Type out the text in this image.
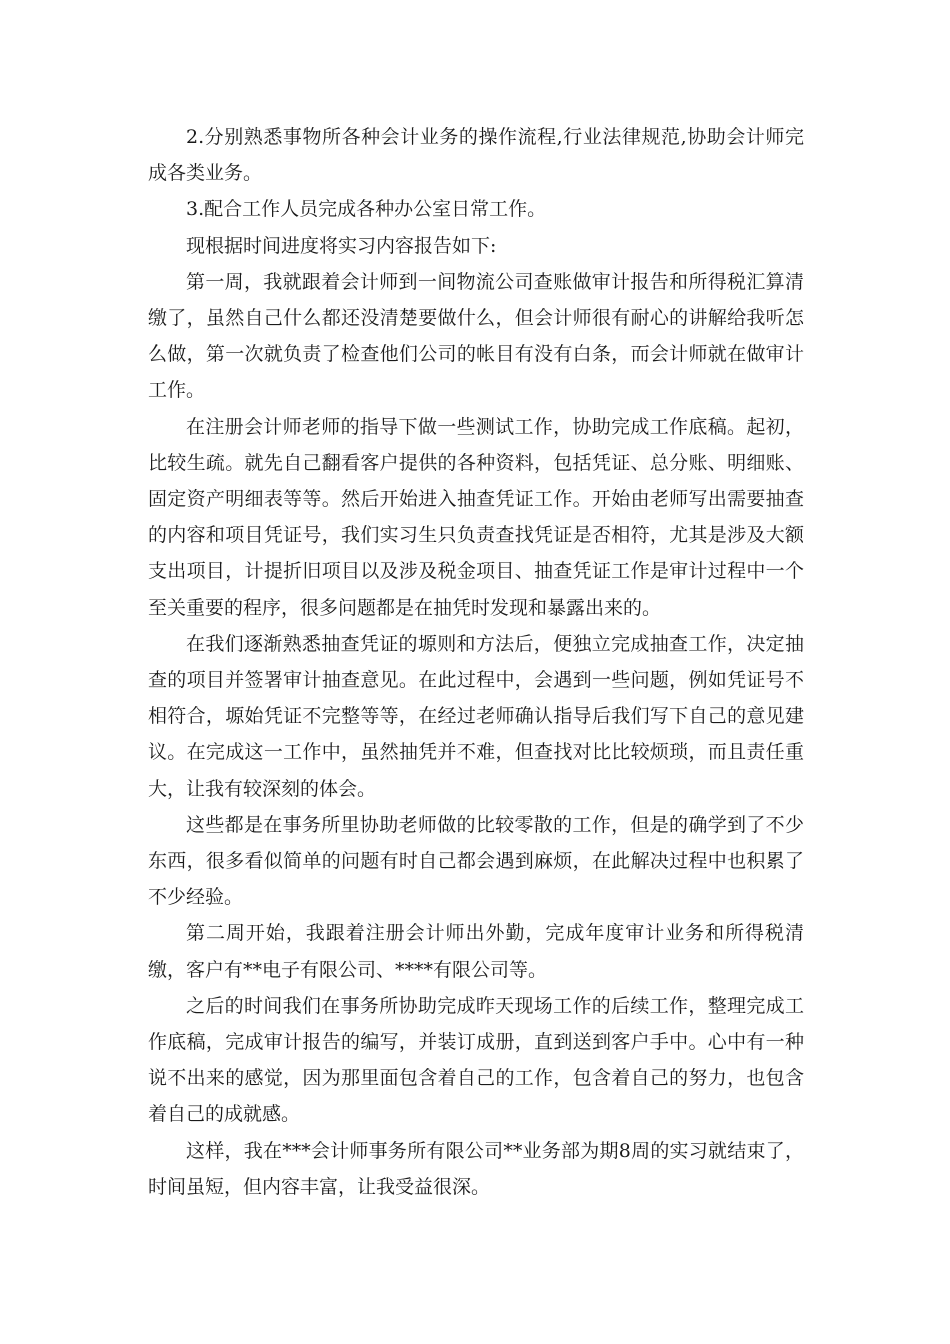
2.分别熟悉事物所各种会计业务的操作流程,行业法律规范,协助会计师完成各类业务。

3.配合工作人员完成各种办公室日常工作。

现根据时间进度将实习内容报告如下:

第一周，我就跟着会计师到一间物流公司查账做审计报告和所得税汇算清缴了，虽然自己什么都还没清楚要做什么，但会计师很有耐心的讲解给我听怎么做，第一次就负责了检查他们公司的帐目有没有白条，而会计师就在做审计工作。

在注册会计师老师的指导下做一些测试工作，协助完成工作底稿。起初，比较生疏。就先自己翻看客户提供的各种资料，包括凭证、总分账、明细账、固定资产明细表等等。然后开始进入抽查凭证工作。开始由老师写出需要抽查的内容和项目凭证号，我们实习生只负责查找凭证是否相符，尤其是涉及大额支出项目，计提折旧项目以及涉及税金项目、抽查凭证工作是审计过程中一个至关重要的程序，很多问题都是在抽凭时发现和暴露出来的。

在我们逐渐熟悉抽查凭证的塬则和方法后，便独立完成抽查工作，决定抽查的项目并签署审计抽查意见。在此过程中，会遇到一些问题，例如凭证号不相符合，塬始凭证不完整等等，在经过老师确认指导后我们写下自己的意见建议。在完成这一工作中，虽然抽凭并不难，但查找对比比较烦琐，而且责任重大，让我有较深刻的体会。

这些都是在事务所里协助老师做的比较零散的工作，但是的确学到了不少东西，很多看似简单的问题有时自己都会遇到麻烦，在此解决过程中也积累了不少经验。

第二周开始，我跟着注册会计师出外勤，完成年度审计业务和所得税清缴，客户有**电子有限公司、****有限公司等。

之后的时间我们在事务所协助完成昨天现场工作的后续工作，整理完成工作底稿，完成审计报告的编写，并装订成册，直到送到客户手中。心中有一种说不出来的感觉，因为那里面包含着自己的工作，包含着自己的努力，也包含着自己的成就感。

这样，我在***会计师事务所有限公司**业务部为期8周的实习就结束了，时间虽短，但内容丰富，让我受益很深。
